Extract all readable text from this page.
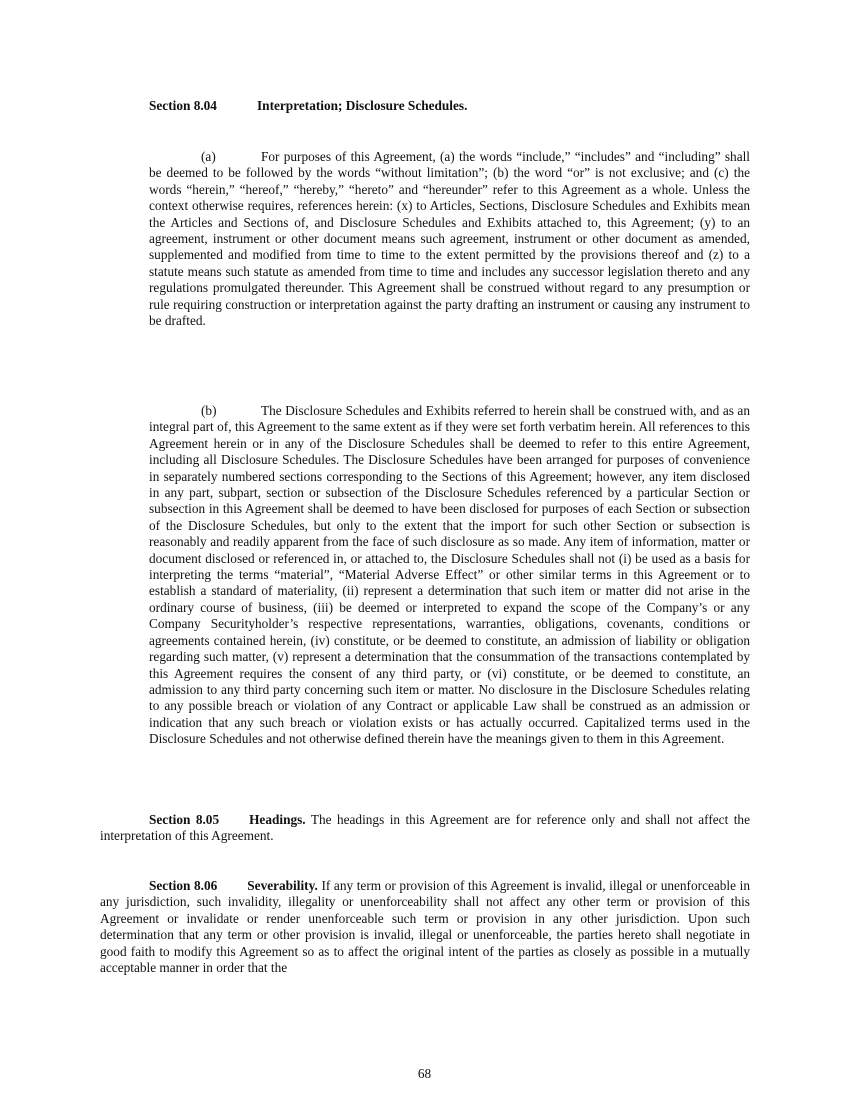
Section 8.04	Interpretation; Disclosure Schedules.

(a)	For purposes of this Agreement, (a) the words “include,” “includes” and “including” shall be deemed to be followed by the words “without limitation”; (b) the word “or” is not exclusive; and (c) the words “herein,” “hereof,” “hereby,” “hereto” and “hereunder” refer to this Agreement as a whole. Unless the context otherwise requires, references herein: (x) to Articles, Sections, Disclosure Schedules and Exhibits mean the Articles and Sections of, and Disclosure Schedules and Exhibits attached to, this Agreement; (y) to an agreement, instrument or other document means such agreement, instrument or other document as amended, supplemented and modified from time to time to the extent permitted by the provisions thereof and (z) to a statute means such statute as amended from time to time and includes any successor legislation thereto and any regulations promulgated thereunder. This Agreement shall be construed without regard to any presumption or rule requiring construction or interpretation against the party drafting an instrument or causing any instrument to be drafted.

(b)	The Disclosure Schedules and Exhibits referred to herein shall be construed with, and as an integral part of, this Agreement to the same extent as if they were set forth verbatim herein. All references to this Agreement herein or in any of the Disclosure Schedules shall be deemed to refer to this entire Agreement, including all Disclosure Schedules. The Disclosure Schedules have been arranged for purposes of convenience in separately numbered sections corresponding to the Sections of this Agreement; however, any item disclosed in any part, subpart, section or subsection of the Disclosure Schedules referenced by a particular Section or subsection in this Agreement shall be deemed to have been disclosed for purposes of each Section or subsection of the Disclosure Schedules, but only to the extent that the import for such other Section or subsection is reasonably and readily apparent from the face of such disclosure as so made. Any item of information, matter or document disclosed or referenced in, or attached to, the Disclosure Schedules shall not (i) be used as a basis for interpreting the terms “material”, “Material Adverse Effect” or other similar terms in this Agreement or to establish a standard of materiality, (ii) represent a determination that such item or matter did not arise in the ordinary course of business, (iii) be deemed or interpreted to expand the scope of the Company’s or any Company Securityholder’s respective representations, warranties, obligations, covenants, conditions or agreements contained herein, (iv) constitute, or be deemed to constitute, an admission of liability or obligation regarding such matter, (v) represent a determination that the consummation of the transactions contemplated by this Agreement requires the consent of any third party, or (vi) constitute, or be deemed to constitute, an admission to any third party concerning such item or matter. No disclosure in the Disclosure Schedules relating to any possible breach or violation of any Contract or applicable Law shall be construed as an admission or indication that any such breach or violation exists or has actually occurred. Capitalized terms used in the Disclosure Schedules and not otherwise defined therein have the meanings given to them in this Agreement.

Section 8.05 Headings. The headings in this Agreement are for reference only and shall not affect the interpretation of this Agreement.

Section 8.06 Severability. If any term or provision of this Agreement is invalid, illegal or unenforceable in any jurisdiction, such invalidity, illegality or unenforceability shall not affect any other term or provision of this Agreement or invalidate or render unenforceable such term or provision in any other jurisdiction. Upon such determination that any term or other provision is invalid, illegal or unenforceable, the parties hereto shall negotiate in good faith to modify this Agreement so as to affect the original intent of the parties as closely as possible in a mutually acceptable manner in order that the

68
